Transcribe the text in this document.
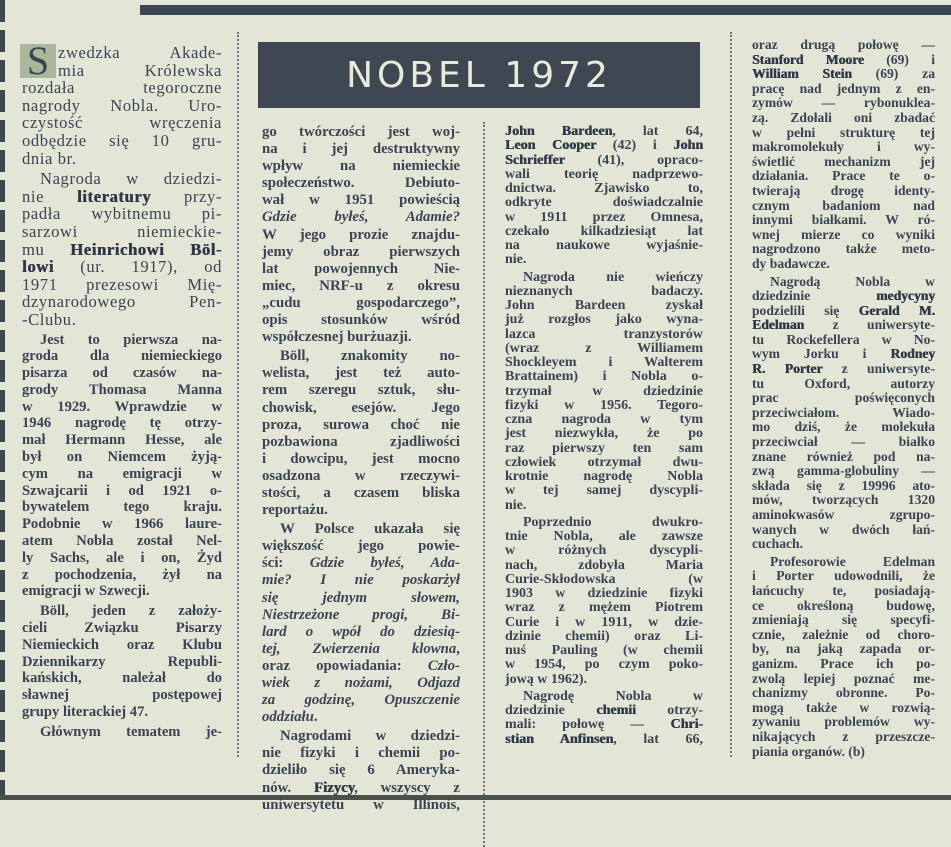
NOBEL 1972
S zwedzka Akade-
mia Królewska
rozdała tegoroczne
nagrody Nobla. Uro-
czystość wręczenia
odbędzie się 10 gru-
dnia br.
Nagroda w dziedzi-
nie literatury przy-
padła wybitnemu pi-
sarzowi niemieckie-
mu Heinrichowi Böl-
lowi (ur. 1917), od
1971 prezesowi Mię-
dzynarodowego Pen-
-Clubu.
Jest to pierwsza na-
groda dla niemieckiego
pisarza od czasów na-
grody Thomasa Manna
w 1929. Wprawdzie w
1946 nagrodę tę otrzy-
mał Hermann Hesse, ale
był on Niemcem żyją-
cym na emigracji w
Szwajcarii i od 1921 o-
bywatelem tego kraju.
Podobnie w 1966 laure-
atem Nobla został Nel-
ly Sachs, ale i on, Żyd
z pochodzenia, żył na
emigracji w Szwecji.
Böll, jeden z założy-
cieli Związku Pisarzy
Niemieckich oraz Klubu
Dziennikarzy Republi-
kańskich, należał do
sławnej postępowej
grupy literackiej 47.
Głównym tematem je-
go twórczości jest woj-
na i jej destruktywny
wpływ na niemieckie
społeczeństwo. Debiuto-
wał w 1951 powieścią
Gdzie byłeś, Adamie?
W jego prozie znajdu-
jemy obraz pierwszych
lat powojennych Nie-
miec, NRF-u z okresu
„cudu gospodarczego”,
opis stosunków wśród
współczesnej burżuazji.
Böll, znakomity no-
welista, jest też auto-
rem szeregu sztuk, słu-
chowisk, esejów. Jego
proza, surowa choć nie
pozbawiona zjadliwości
i dowcipu, jest mocno
osadzona w rzeczywi-
stości, a czasem bliska
reportażu.
W Polsce ukazała się
większość jego powie-
ści: Gdzie byłeś, Ada-
mie? I nie poskarżył
się jednym słowem,
Niestrzeżone progi, Bi-
lard o wpół do dziesią-
tej, Zwierzenia klowna,
oraz opowiadania: Czło-
wiek z nożami, Odjazd
za godzinę, Opuszczenie
oddziału.
Nagrodami w dziedzi-
nie fizyki i chemii po-
dzieliło się 6 Ameryka-
nów. Fizycy, wszyscy z
uniwersytetu w Illinois,
John Bardeen, lat 64,
Leon Cooper (42) i John
Schrieffer (41), opraco-
wali teorię nadprzewo-
dnictwa. Zjawisko to,
odkryte doświadczalnie
w 1911 przez Omnesa,
czekało kilkadziesiąt lat
na naukowe wyjaśnie-
nie.
Nagroda nie wieńczy
nieznanych badaczy.
John Bardeen zyskał
już rozgłos jako wyna-
lazca tranzystorów
(wraz z Williamem
Shockleyem i Walterem
Brattainem) i Nobla o-
trzymał w dziedzinie
fizyki w 1956. Tegoro-
czna nagroda w tym
jest niezwykła, że po
raz pierwszy ten sam
człowiek otrzymał dwu-
krotnie nagrodę Nobla
w tej samej dyscypli-
nie.
Poprzednio dwukro-
tnie Nobla, ale zawsze
w różnych dyscypli-
nach, zdobyła Maria
Curie-Skłodowska (w
1903 w dziedzinie fizyki
wraz z mężem Piotrem
Curie i w 1911, w dzie-
dzinie chemii) oraz Li-
nuś Pauling (w chemii
w 1954, po czym poko-
jową w 1962).
Nagrodę Nobla w
dziedzinie chemii otrzy-
mali: połowę — Chri-
stian Anfinsen, lat 66,
oraz drugą połowę —
Stanford Moore (69) i
William Stein (69) za
pracę nad jednym z en-
zymów — rybonuklea-
zą. Zdołali oni zbadać
w pełni strukturę tej
makromolekuły i wy-
świetlić mechanizm jej
działania. Prace te o-
twierają drogę identy-
cznym badaniom nad
innymi białkami. W ró-
wnej mierze co wyniki
nagrodzono także meto-
dy badawcze.
Nagrodą Nobla w
dziedzinie medycyny
podzielili się Gerald M.
Edelman z uniwersyte-
tu Rockefellera w No-
wym Jorku i Rodney
R. Porter z uniwersyte-
tu Oxford, autorzy
prac poświęconych
przeciwciałom. Wiado-
mo dziś, że molekuła
przeciwciał — białko
znane również pod na-
zwą gamma-globuliny —
składa się z 19996 ato-
mów, tworzących 1320
aminokwasów zgrupo-
wanych w dwóch łań-
cuchach.
Profesorowie Edelman
i Porter udowodnili, że
łańcuchy te, posiadają-
ce określoną budowę,
zmieniają się specyfi-
cznie, zależnie od choro-
by, na jaką zapada or-
ganizm. Prace ich po-
zwolą lepiej poznać me-
chanizmy obronne. Po-
mogą także w rozwią-
zywaniu problemów wy-
nikających z przeszcze-
piania organów. (b)
